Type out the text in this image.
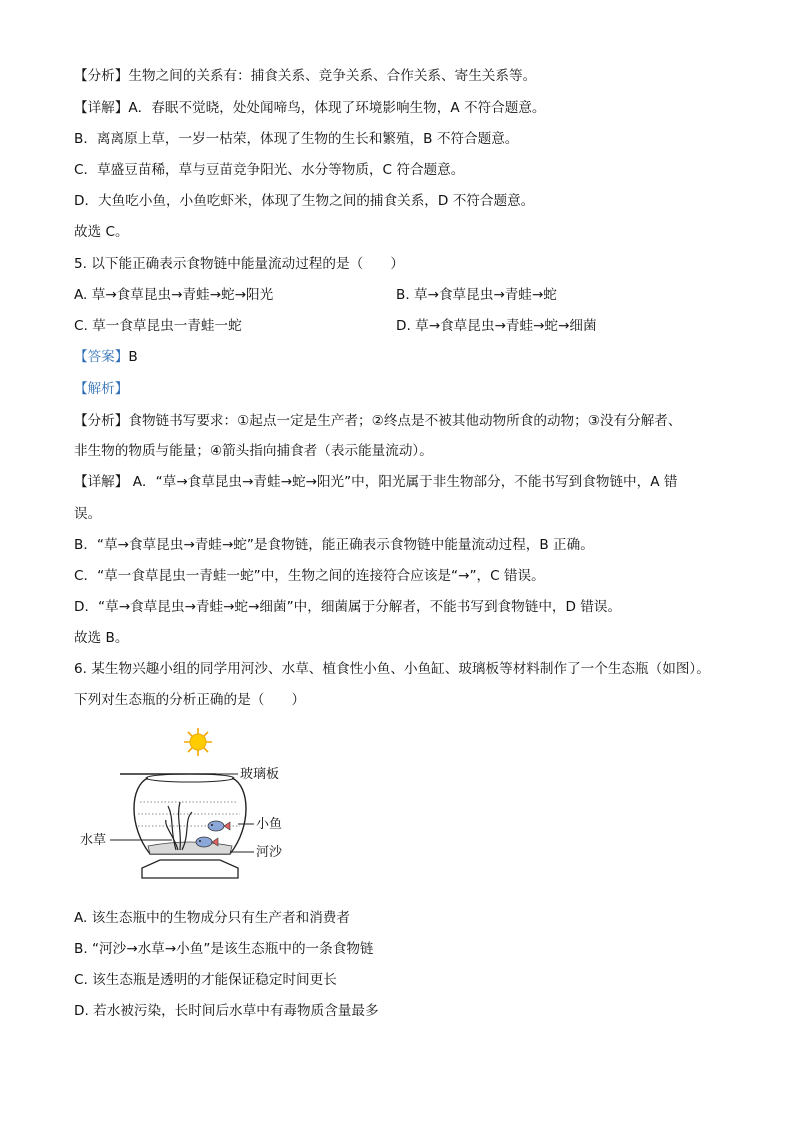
【分析】生物之间的关系有：捕食关系、竞争关系、合作关系、寄生关系等。
【详解】A．春眠不觉晓，处处闻啼鸟，体现了环境影响生物，A 不符合题意。
B．离离原上草，一岁一枯荣，体现了生物的生长和繁殖，B 不符合题意。
C．草盛豆苗稀，草与豆苗竞争阳光、水分等物质，C 符合题意。
D．大鱼吃小鱼，小鱼吃虾米，体现了生物之间的捕食关系，D 不符合题意。
故选 C。
5. 以下能正确表示食物链中能量流动过程的是（　　）
A. 草→食草昆虫→青蛙→蛇→阳光	B. 草→食草昆虫→青蛙→蛇
C. 草一食草昆虫一青蛙一蛇	D. 草→食草昆虫→青蛙→蛇→细菌
【答案】B
【解析】
【分析】食物链书写要求：①起点一定是生产者；②终点是不被其他动物所食的动物；③没有分解者、
非生物的物质与能量；④箭头指向捕食者（表示能量流动）。
【详解】 A．“草→食草昆虫→青蛙→蛇→阳光”中，阳光属于非生物部分，不能书写到食物链中，A 错
误。
B．“草→食草昆虫→青蛙→蛇”是食物链，能正确表示食物链中能量流动过程，B 正确。
C．“草一食草昆虫一青蛙一蛇”中，生物之间的连接符合应该是“→”，C 错误。
D．“草→食草昆虫→青蛙→蛇→细菌”中，细菌属于分解者，不能书写到食物链中，D 错误。
故选 B。
6. 某生物兴趣小组的同学用河沙、水草、植食性小鱼、小鱼缸、玻璃板等材料制作了一个生态瓶（如图）。
下列对生态瓶的分析正确的是（　　）
玻璃板
小鱼
水草
河沙
A. 该生态瓶中的生物成分只有生产者和消费者
B. “河沙→水草→小鱼”是该生态瓶中的一条食物链
C. 该生态瓶是透明的才能保证稳定时间更长
D. 若水被污染，长时间后水草中有毒物质含量最多
